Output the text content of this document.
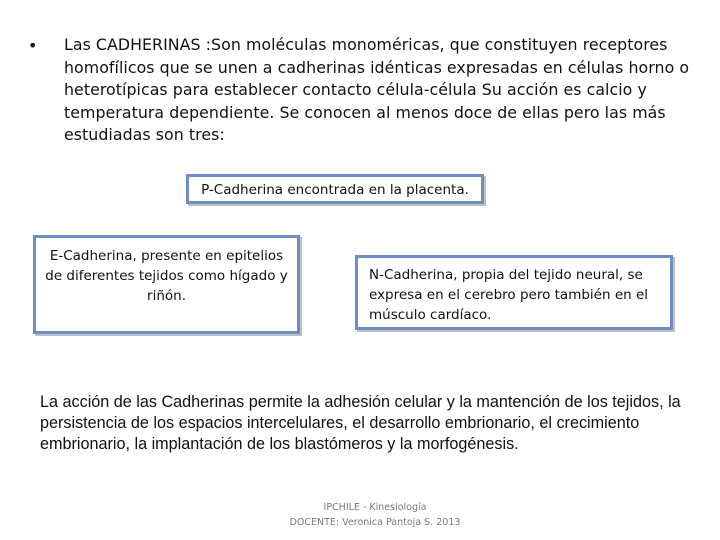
• Las CADHERINAS :Son moléculas monoméricas, que constituyen receptores homofílicos que se unen a cadherinas idénticas expresadas en células horno o heterotípicas para establecer contacto célula-célula Su acción es calcio y temperatura dependiente. Se conocen al menos doce de ellas pero las más estudiadas son tres:
P-Cadherina encontrada en la placenta.
E-Cadherina, presente en epitelios de diferentes tejidos como hígado y riñón.
N-Cadherina, propia del tejido neural, se expresa en el cerebro pero también en el músculo cardíaco.
La acción de las Cadherinas permite la adhesión celular y la mantención de los tejidos, la persistencia de los espacios intercelulares, el desarrollo embrionario, el crecimiento embrionario, la implantación de los blastómeros y la morfogénesis.
IPCHILE - Kinesiología
DOCENTE: Veronica Pantoja S. 2013
